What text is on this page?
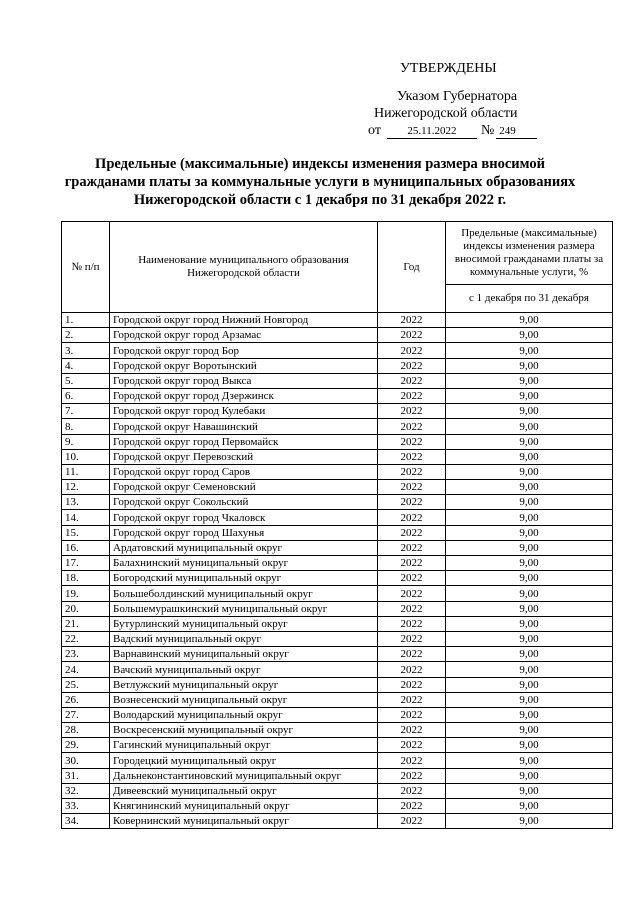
УТВЕРЖДЕНЫ
Указом Губернатора
Нижегородской области
от 25.11.2022 № 249
Предельные (максимальные) индексы изменения размера вносимой гражданами платы за коммунальные услуги в муниципальных образованиях Нижегородской области с 1 декабря по 31 декабря 2022 г.
№ п/п	Наименование муниципального образования Нижегородской области	Год	Предельные (максимальные) индексы изменения размера вносимой гражданами платы за коммунальные услуги, %
			с 1 декабря по 31 декабря
1.	Городской округ город Нижний Новгород	2022	9,00
2.	Городской округ город Арзамас	2022	9,00
3.	Городской округ город Бор	2022	9,00
4.	Городской округ Воротынский	2022	9,00
5.	Городской округ город Выкса	2022	9,00
6.	Городской округ город Дзержинск	2022	9,00
7.	Городской округ город Кулебаки	2022	9,00
8.	Городской округ Навашинский	2022	9,00
9.	Городской округ город Первомайск	2022	9,00
10.	Городской округ Перевозский	2022	9,00
11.	Городской округ город Саров	2022	9,00
12.	Городской округ Семеновский	2022	9,00
13.	Городской округ Сокольский	2022	9,00
14.	Городской округ город Чкаловск	2022	9,00
15.	Городской округ город Шахунья	2022	9,00
16.	Ардатовский муниципальный округ	2022	9,00
17.	Балахнинский муниципальный округ	2022	9,00
18.	Богородский муниципальный округ	2022	9,00
19.	Большеболдинский муниципальный округ	2022	9,00
20.	Большемурашкинский муниципальный округ	2022	9,00
21.	Бутурлинский муниципальный округ	2022	9,00
22.	Вадский муниципальный округ	2022	9,00
23.	Варнавинский муниципальный округ	2022	9,00
24.	Вачский муниципальный округ	2022	9,00
25.	Ветлужский муниципальный округ	2022	9,00
26.	Вознесенский муниципальный округ	2022	9,00
27.	Володарский муниципальный округ	2022	9,00
28.	Воскресенский муниципальный округ	2022	9,00
29.	Гагинский муниципальный округ	2022	9,00
30.	Городецкий муниципальный округ	2022	9,00
31.	Дальнеконстантиновский муниципальный округ	2022	9,00
32.	Дивеевский муниципальный округ	2022	9,00
33.	Княгининский муниципальный округ	2022	9,00
34.	Ковернинский муниципальный округ	2022	9,00
